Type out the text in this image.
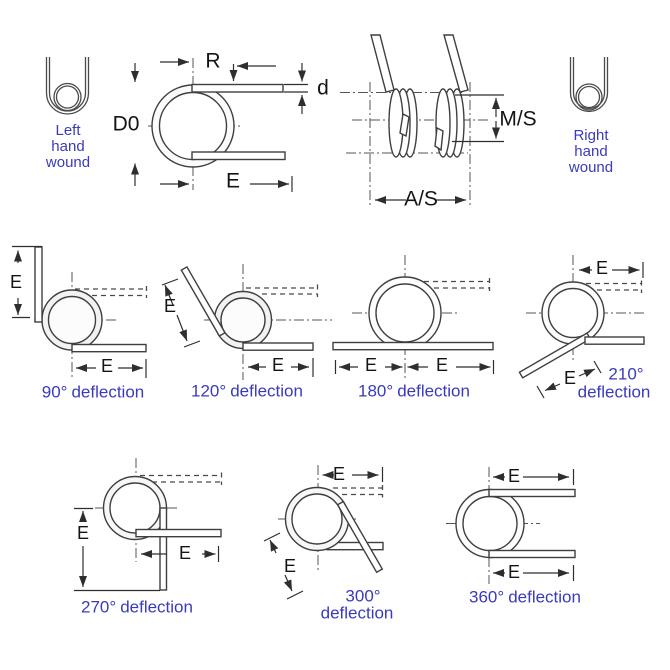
Left
hand
wound
Right
hand
wound
R
d
D0
E
M/S
A/S
E
E
90° deflection
E
E
120° deflection
E	E
180° deflection
E
E 210°
deflection
E
E
270° deflection
E
E
300°
deflection
E
E
360° deflection
